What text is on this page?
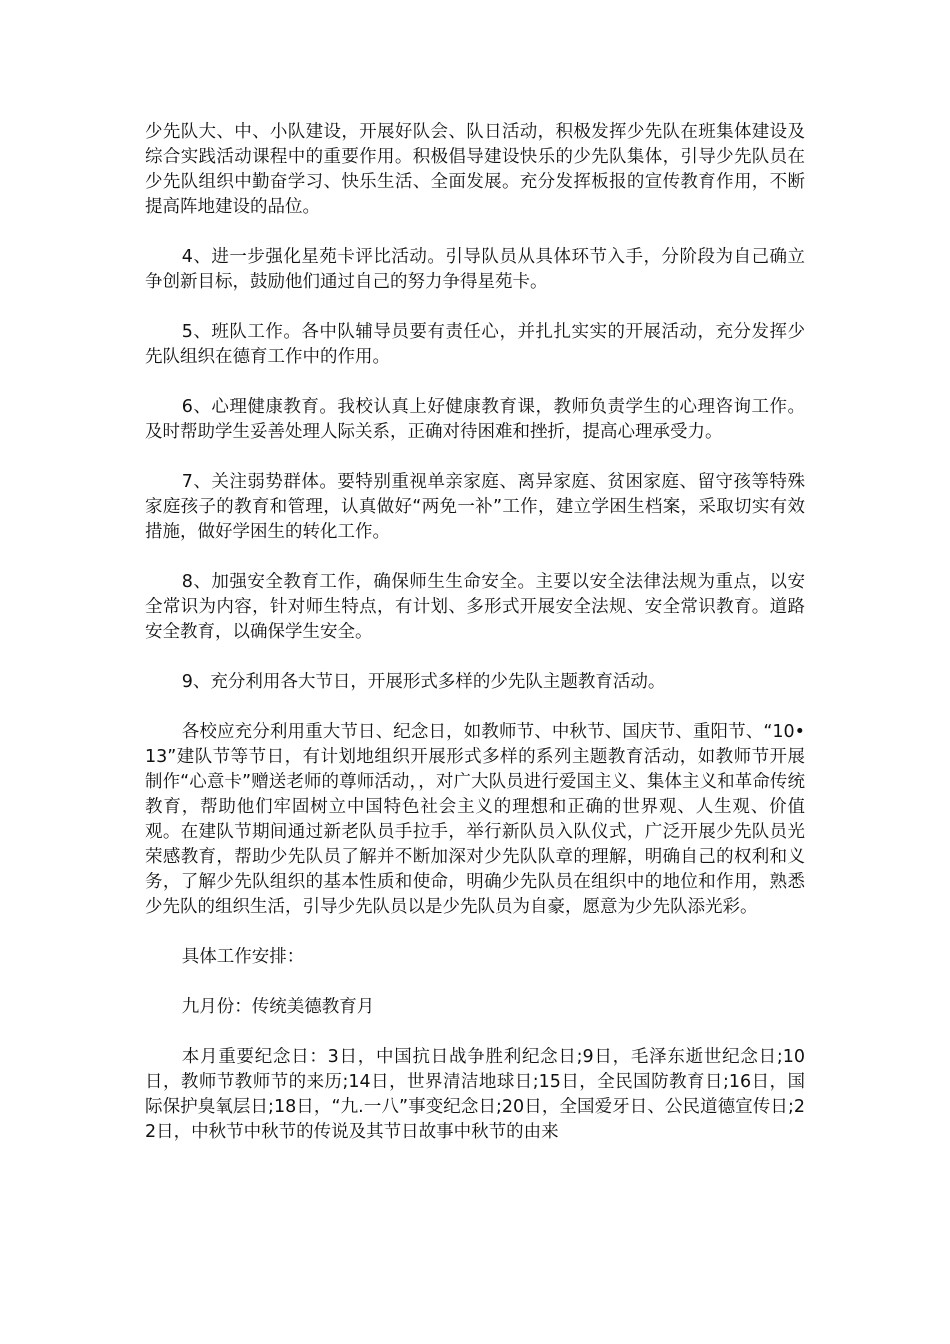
少先队大、中、小队建设，开展好队会、队日活动，积极发挥少先队在班集体建设及综合实践活动课程中的重要作用。积极倡导建设快乐的少先队集体，引导少先队员在少先队组织中勤奋学习、快乐生活、全面发展。充分发挥板报的宣传教育作用，不断提高阵地建设的品位。

4、进一步强化星苑卡评比活动。引导队员从具体环节入手，分阶段为自己确立争创新目标，鼓励他们通过自己的努力争得星苑卡。

5、班队工作。各中队辅导员要有责任心，并扎扎实实的开展活动，充分发挥少先队组织在德育工作中的作用。

6、心理健康教育。我校认真上好健康教育课，教师负责学生的心理咨询工作。及时帮助学生妥善处理人际关系，正确对待困难和挫折，提高心理承受力。

7、关注弱势群体。要特别重视单亲家庭、离异家庭、贫困家庭、留守孩等特殊家庭孩子的教育和管理，认真做好“两免一补”工作，建立学困生档案，采取切实有效措施，做好学困生的转化工作。

8、加强安全教育工作，确保师生生命安全。主要以安全法律法规为重点，以安全常识为内容，针对师生特点，有计划、多形式开展安全法规、安全常识教育。道路安全教育，以确保学生安全。

9、充分利用各大节日，开展形式多样的少先队主题教育活动。

各校应充分利用重大节日、纪念日，如教师节、中秋节、国庆节、重阳节、“10•13”建队节等节日，有计划地组织开展形式多样的系列主题教育活动，如教师节开展制作“心意卡”赠送老师的尊师活动，，对广大队员进行爱国主义、集体主义和革命传统教育，帮助他们牢固树立中国特色社会主义的理想和正确的世界观、人生观、价值观。在建队节期间通过新老队员手拉手，举行新队员入队仪式，广泛开展少先队员光荣感教育，帮助少先队员了解并不断加深对少先队队章的理解，明确自己的权利和义务，了解少先队组织的基本性质和使命，明确少先队员在组织中的地位和作用，熟悉少先队的组织生活，引导少先队员以是少先队员为自豪，愿意为少先队添光彩。

具体工作安排：

九月份：传统美德教育月

本月重要纪念日：3日，中国抗日战争胜利纪念日;9日，毛泽东逝世纪念日;10日，教师节教师节的来历;14日，世界清洁地球日;15日，全民国防教育日;16日，国际保护臭氧层日;18日，“九.一八”事变纪念日;20日，全国爱牙日、公民道德宣传日;22日，中秋节中秋节的传说及其节日故事中秋节的由来
